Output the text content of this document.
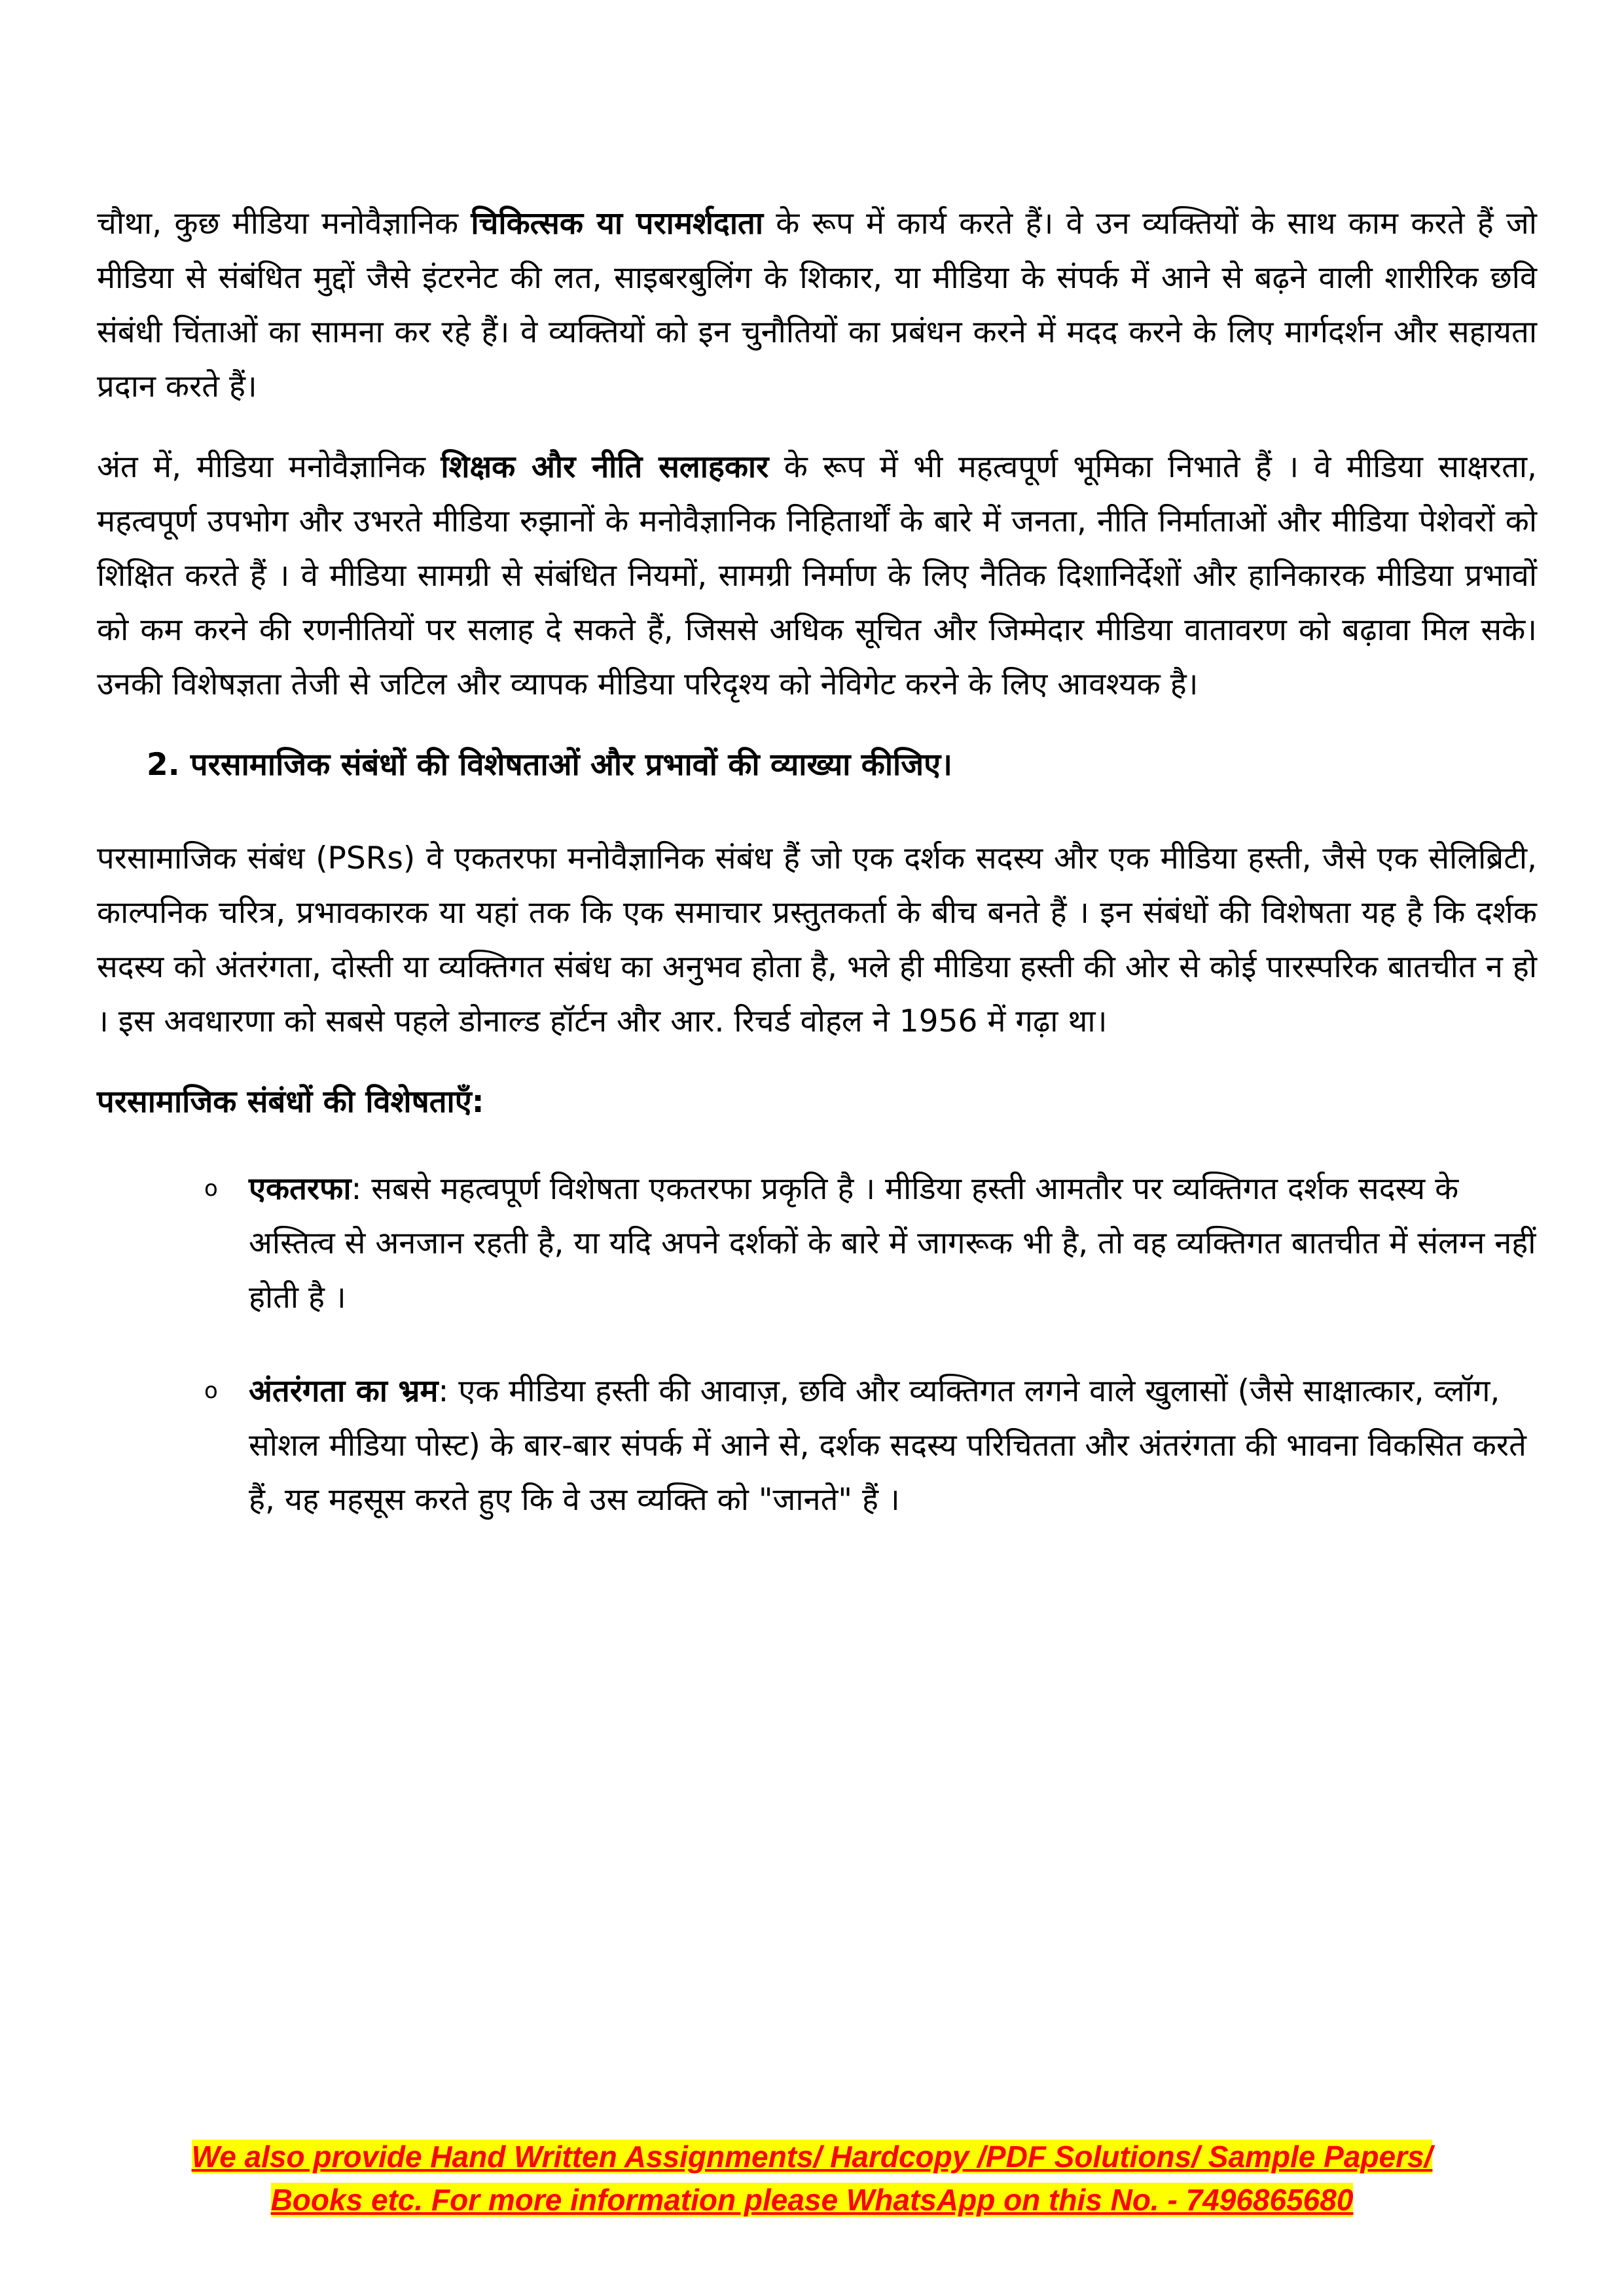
चौथा, कुछ मीडिया मनोवैज्ञानिक चिकित्सक या परामर्शदाता के रूप में कार्य करते हैं। वे उन व्यक्तियों के साथ काम करते हैं जो मीडिया से संबंधित मुद्दों जैसे इंटरनेट की लत, साइबरबुलिंग के शिकार, या मीडिया के संपर्क में आने से बढ़ने वाली शारीरिक छवि संबंधी चिंताओं का सामना कर रहे हैं। वे व्यक्तियों को इन चुनौतियों का प्रबंधन करने में मदद करने के लिए मार्गदर्शन और सहायता प्रदान करते हैं।

अंत में, मीडिया मनोवैज्ञानिक शिक्षक और नीति सलाहकार के रूप में भी महत्वपूर्ण भूमिका निभाते हैं । वे मीडिया साक्षरता, महत्वपूर्ण उपभोग और उभरते मीडिया रुझानों के मनोवैज्ञानिक निहितार्थों के बारे में जनता, नीति निर्माताओं और मीडिया पेशेवरों को शिक्षित करते हैं । वे मीडिया सामग्री से संबंधित नियमों, सामग्री निर्माण के लिए नैतिक दिशानिर्देशों और हानिकारक मीडिया प्रभावों को कम करने की रणनीतियों पर सलाह दे सकते हैं, जिससे अधिक सूचित और जिम्मेदार मीडिया वातावरण को बढ़ावा मिल सके। उनकी विशेषज्ञता तेजी से जटिल और व्यापक मीडिया परिदृश्य को नेविगेट करने के लिए आवश्यक है।

2. परसामाजिक संबंधों की विशेषताओं और प्रभावों की व्याख्या कीजिए।

परसामाजिक संबंध (PSRs) वे एकतरफा मनोवैज्ञानिक संबंध हैं जो एक दर्शक सदस्य और एक मीडिया हस्ती, जैसे एक सेलिब्रिटी, काल्पनिक चरित्र, प्रभावकारक या यहां तक कि एक समाचार प्रस्तुतकर्ता के बीच बनते हैं । इन संबंधों की विशेषता यह है कि दर्शक सदस्य को अंतरंगता, दोस्ती या व्यक्तिगत संबंध का अनुभव होता है, भले ही मीडिया हस्ती की ओर से कोई पारस्परिक बातचीत न हो । इस अवधारणा को सबसे पहले डोनाल्ड हॉर्टन और आर. रिचर्ड वोहल ने 1956 में गढ़ा था।

परसामाजिक संबंधों की विशेषताएँ:
o एकतरफा: सबसे महत्वपूर्ण विशेषता एकतरफा प्रकृति है । मीडिया हस्ती आमतौर पर व्यक्तिगत दर्शक सदस्य के अस्तित्व से अनजान रहती है, या यदि अपने दर्शकों के बारे में जागरूक भी है, तो वह व्यक्तिगत बातचीत में संलग्न नहीं होती है ।
o अंतरंगता का भ्रम: एक मीडिया हस्ती की आवाज़, छवि और व्यक्तिगत लगने वाले खुलासों (जैसे साक्षात्कार, व्लॉग, सोशल मीडिया पोस्ट) के बार-बार संपर्क में आने से, दर्शक सदस्य परिचितता और अंतरंगता की भावना विकसित करते हैं, यह महसूस करते हुए कि वे उस व्यक्ति को "जानते" हैं ।
We also provide Hand Written Assignments/ Hardcopy /PDF Solutions/ Sample Papers/
Books etc. For more information please WhatsApp on this No. - 7496865680
